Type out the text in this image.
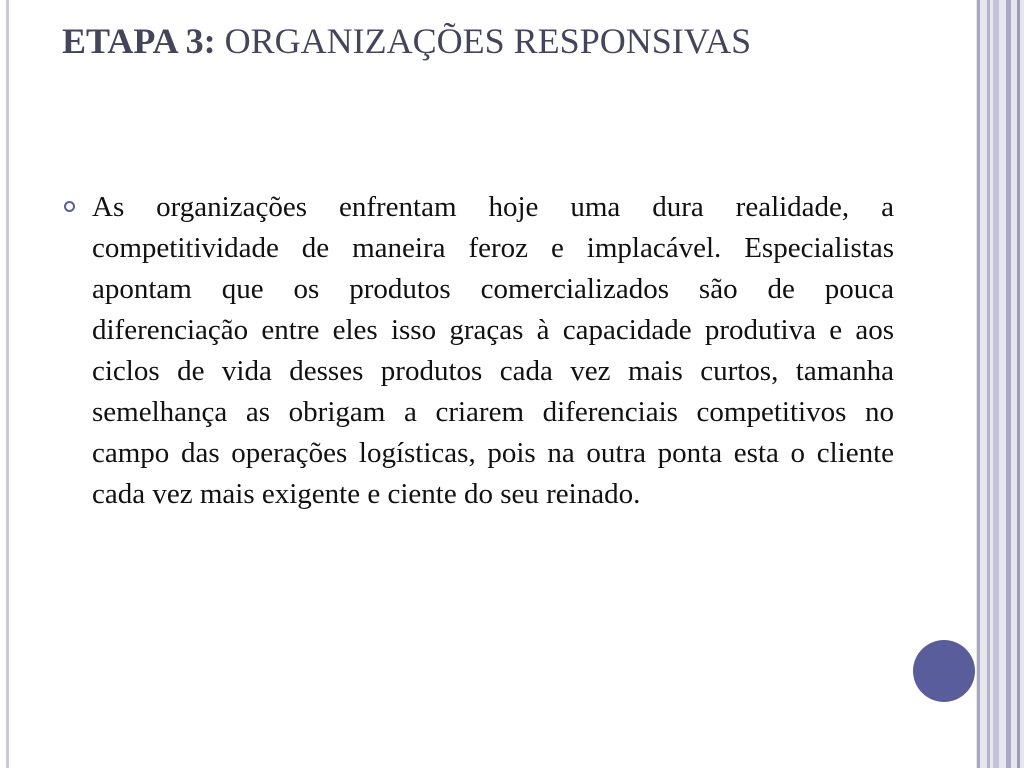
ETAPA 3: ORGANIZAÇÕES RESPONSIVAS

As organizações enfrentam hoje uma dura realidade, a competitividade de maneira feroz e implacável. Especialistas apontam que os produtos comercializados são de pouca diferenciação entre eles isso graças à capacidade produtiva e aos ciclos de vida desses produtos cada vez mais curtos, tamanha semelhança as obrigam a criarem diferenciais competitivos no campo das operações logísticas, pois na outra ponta esta o cliente cada vez mais exigente e ciente do seu reinado.
